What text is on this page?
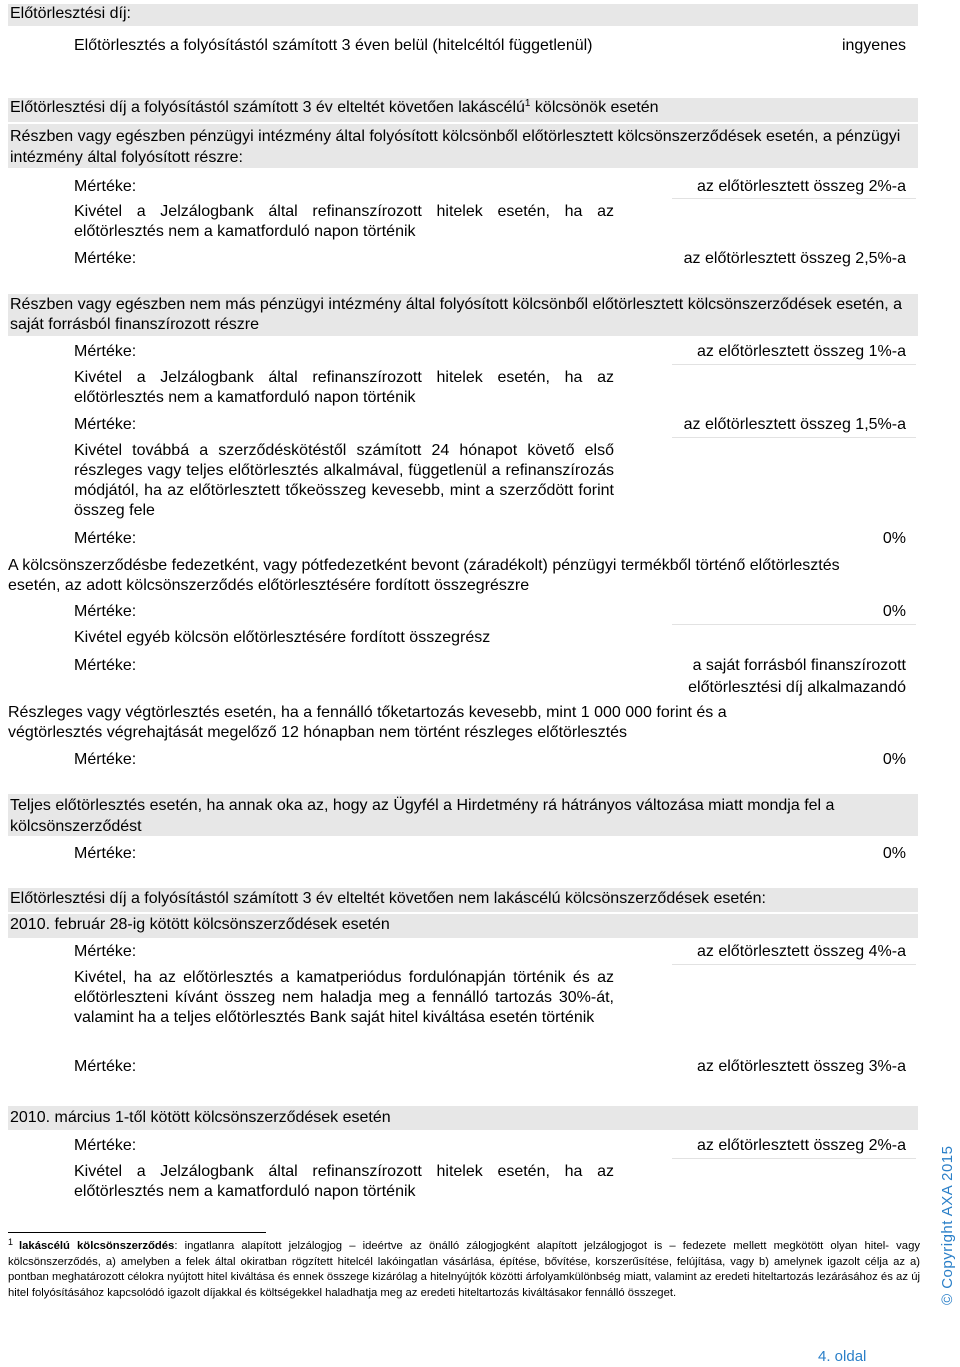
Előtörlesztési díj:
Előtörlesztés a folyósítástól számított 3 éven belül (hitelcéltól függetlenül)	ingyenes
Előtörlesztési díj a folyósítástól számított 3 év elteltét követően lakáscélú$^1$ kölcsönök esetén
Részben vagy egészben pénzügyi intézmény által folyósított kölcsönből előtörlesztett kölcsönszerződések esetén, a pénzügyi intézmény által folyósított részre:
Mértéke:	az előtörlesztett összeg 2%-a
Kivétel a Jelzálogbank által refinanszírozott hitelek esetén, ha az előtörlesztés nem a kamatforduló napon történik
Mértéke:	az előtörlesztett összeg 2,5%-a
Részben vagy egészben nem más pénzügyi intézmény által folyósított kölcsönből előtörlesztett kölcsönszerződések esetén, a saját forrásból finanszírozott részre
Mértéke:	az előtörlesztett összeg 1%-a
Kivétel a Jelzálogbank által refinanszírozott hitelek esetén, ha az előtörlesztés nem a kamatforduló napon történik
Mértéke:	az előtörlesztett összeg 1,5%-a
Kivétel továbbá a szerződéskötéstől számított 24 hónapot követő első részleges vagy teljes előtörlesztés alkalmával, függetlenül a refinanszírozás módjától, ha az előtörlesztett tőkeösszeg kevesebb, mint a szerződött forint összeg fele
Mértéke:	0%
A kölcsönszerződésbe fedezetként, vagy pótfedezetként bevont (záradékolt) pénzügyi termékből történő előtörlesztés esetén, az adott kölcsönszerződés előtörlesztésére fordított összegrészre
Mértéke:	0%
Kivétel egyéb kölcsön előtörlesztésére fordított összegrész
Mértéke:	a saját forrásból finanszírozott
előtörlesztési díj alkalmazandó
Részleges vagy végtörlesztés esetén, ha a fennálló tőketartozás kevesebb, mint 1 000 000 forint és a végtörlesztés végrehajtását megelőző 12 hónapban nem történt részleges előtörlesztés
Mértéke:	0%
Teljes előtörlesztés esetén, ha annak oka az, hogy az Ügyfél a Hirdetmény rá hátrányos változása miatt mondja fel a kölcsönszerződést
Mértéke:	0%
Előtörlesztési díj a folyósítástól számított 3 év elteltét követően nem lakáscélú kölcsönszerződések esetén:
2010. február 28-ig kötött kölcsönszerződések esetén
Mértéke:	az előtörlesztett összeg 4%-a
Kivétel, ha az előtörlesztés a kamatperiódus fordulónapján történik és az előtörleszteni kívánt összeg nem haladja meg a fennálló tartozás 30%-át, valamint ha a teljes előtörlesztés Bank saját hitel kiváltása esetén történik
Mértéke:	az előtörlesztett összeg 3%-a
2010. március 1-től kötött kölcsönszerződések esetén
Mértéke:	az előtörlesztett összeg 2%-a
Kivétel a Jelzálogbank által refinanszírozott hitelek esetén, ha az előtörlesztés nem a kamatforduló napon történik
$^1$ lakáscélú kölcsönszerződés: ingatlanra alapított jelzálogjog – ideértve az önálló zálogjogként alapított jelzálogjogot is – fedezete mellett megkötött olyan hitel- vagy kölcsönszerződés, a) amelyben a felek által okiratban rögzített hitelcél lakóingatlan vásárlása, építése, bővítése, korszerűsítése, felújítása, vagy b) amelynek igazolt célja az a) pontban meghatározott célokra nyújtott hitel kiváltása és ennek összege kizárólag a hitelnyújtók közötti árfolyamkülönbség miatt, valamint az eredeti hiteltartozás lezárásához és az új hitel folyósításához kapcsolódó igazolt díjakkal és költségekkel haladhatja meg az eredeti hiteltartozás kiváltásakor fennálló összeget.	© Copyright AXA 2015
4. oldal
